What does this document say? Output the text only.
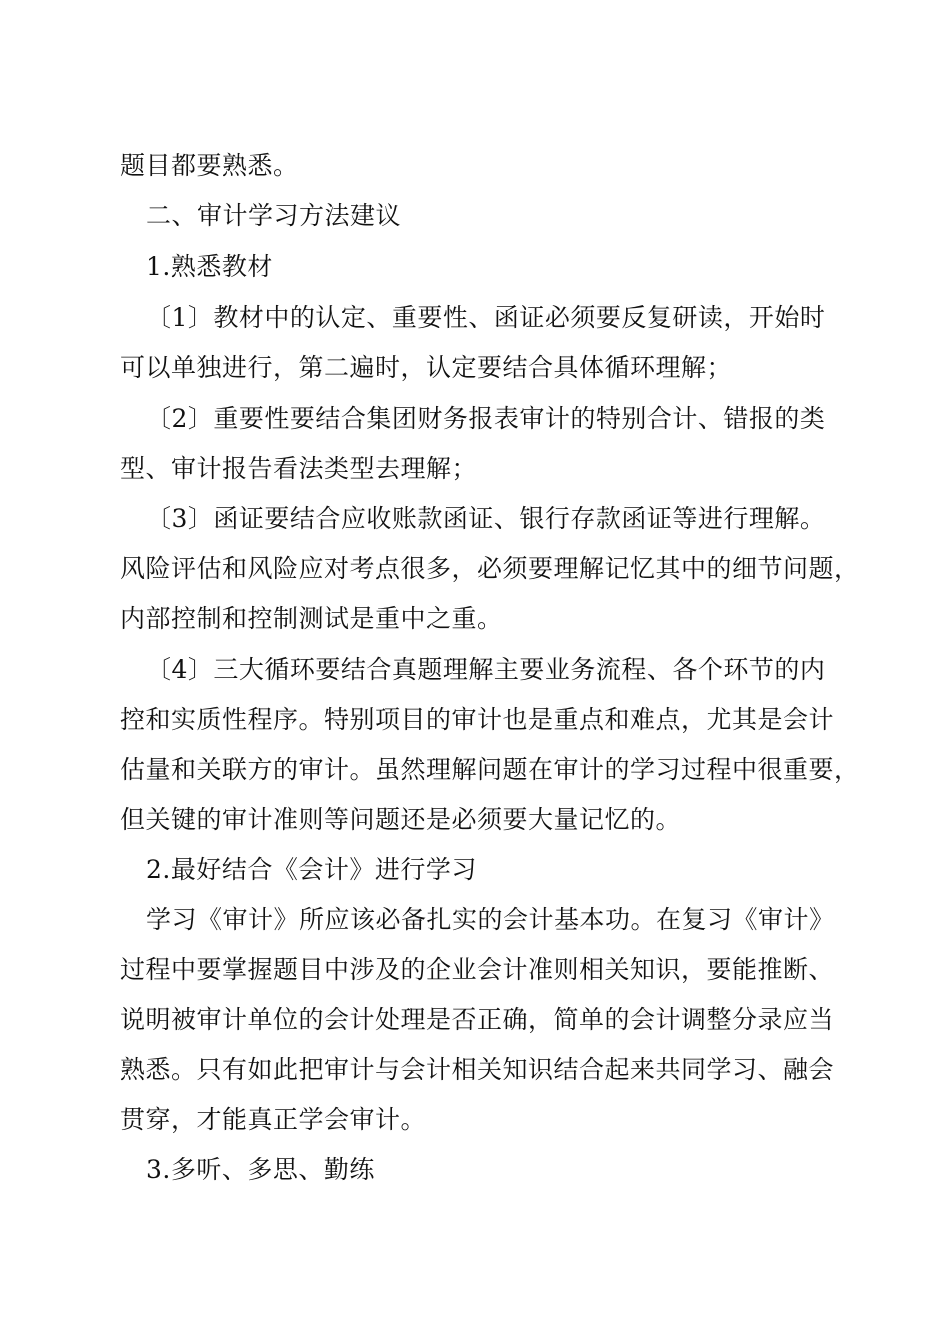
题目都要熟悉。
二、审计学习方法建议
1.熟悉教材
〔1〕教材中的认定、重要性、函证必须要反复研读，开始时
可以单独进行，第二遍时，认定要结合具体循环理解；
〔2〕重要性要结合集团财务报表审计的特别合计、错报的类
型、审计报告看法类型去理解；
〔3〕函证要结合应收账款函证、银行存款函证等进行理解。
风险评估和风险应对考点很多，必须要理解记忆其中的细节问题，
内部控制和控制测试是重中之重。
〔4〕三大循环要结合真题理解主要业务流程、各个环节的内
控和实质性程序。特别项目的审计也是重点和难点，尤其是会计
估量和关联方的审计。虽然理解问题在审计的学习过程中很重要，
但关键的审计准则等问题还是必须要大量记忆的。
2.最好结合《会计》进行学习
学习《审计》所应该必备扎实的会计基本功。在复习《审计》
过程中要掌握题目中涉及的企业会计准则相关知识，要能推断、
说明被审计单位的会计处理是否正确，简单的会计调整分录应当
熟悉。只有如此把审计与会计相关知识结合起来共同学习、融会
贯穿，才能真正学会审计。
3.多听、多思、勤练
